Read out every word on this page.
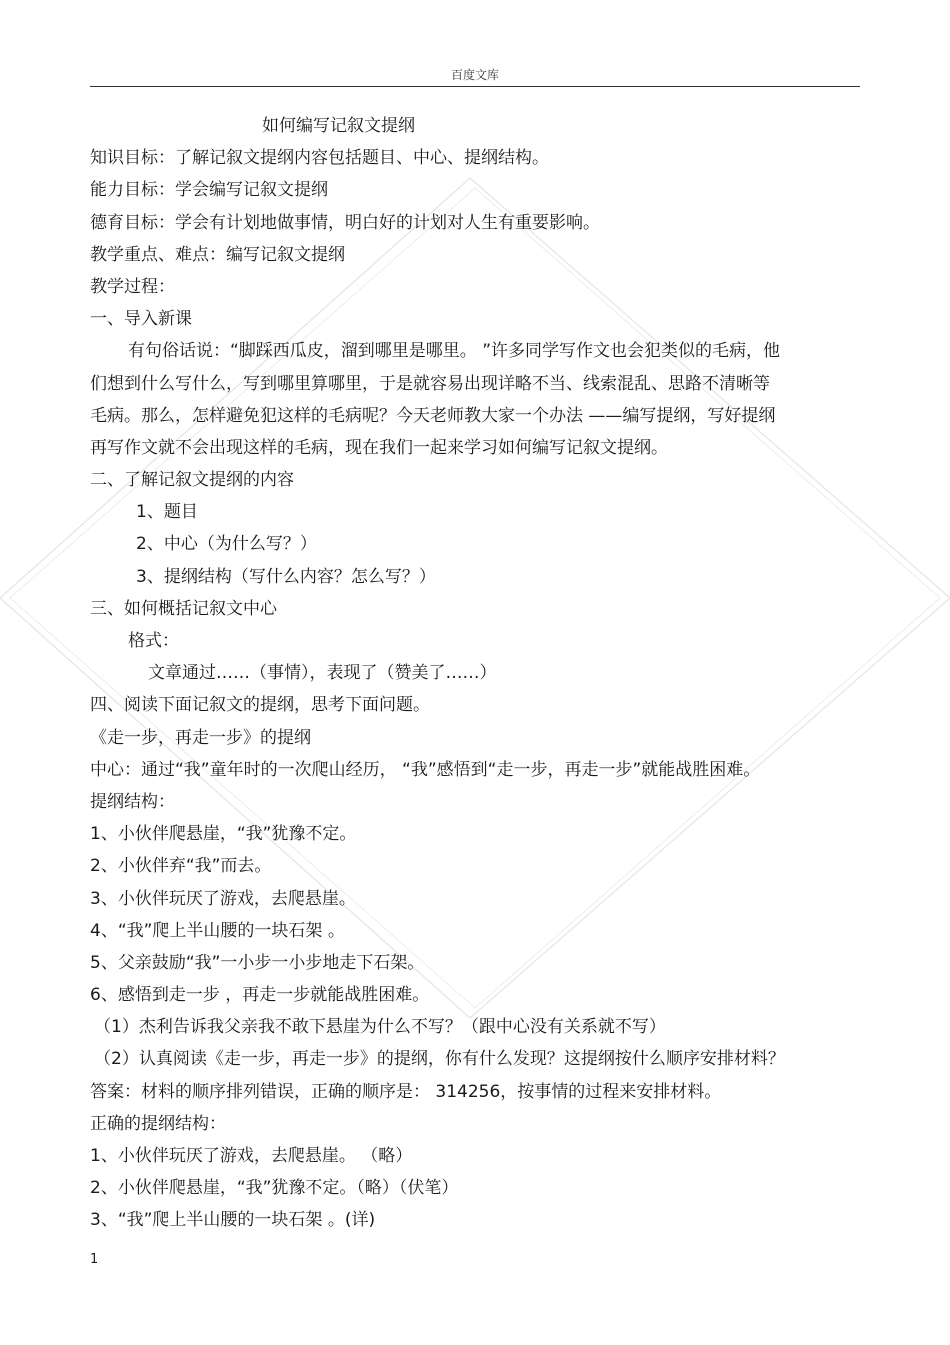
百度文库
如何编写记叙文提纲
知识目标：了解记叙文提纲内容包括题目、中心、提纲结构。
能力目标：学会编写记叙文提纲
德育目标：学会有计划地做事情，明白好的计划对人生有重要影响。
教学重点、难点：编写记叙文提纲
教学过程：
一、导入新课
有句俗话说：“脚踩西瓜皮，溜到哪里是哪里。 ”许多同学写作文也会犯类似的毛病，他
们想到什么写什么，写到哪里算哪里，于是就容易出现详略不当、线索混乱、思路不清晰等
毛病。那么，怎样避免犯这样的毛病呢？今天老师教大家一个办法 ——编写提纲，写好提纲
再写作文就不会出现这样的毛病，现在我们一起来学习如何编写记叙文提纲。
二、了解记叙文提纲的内容
1、题目
2、中心（为什么写？）
3、提纲结构（写什么内容？怎么写？）
三、如何概括记叙文中心
格式：
文章通过……（事情），表现了（赞美了……）
四、阅读下面记叙文的提纲，思考下面问题。
《走一步，再走一步》的提纲
中心：通过“我”童年时的一次爬山经历， “我”感悟到“走一步，再走一步”就能战胜困难。
提纲结构：
1、小伙伴爬悬崖，“我”犹豫不定。
2、小伙伴弃“我”而去。
3、小伙伴玩厌了游戏，去爬悬崖。
4、“我”爬上半山腰的一块石架 。
5、父亲鼓励“我”一小步一小步地走下石架。
6、感悟到走一步 ，再走一步就能战胜困难。
（1）杰利告诉我父亲我不敢下悬崖为什么不写？（跟中心没有关系就不写）
（2）认真阅读《走一步，再走一步》的提纲，你有什么发现？这提纲按什么顺序安排材料？
答案：材料的顺序排列错误，正确的顺序是： 314256，按事情的过程来安排材料。
正确的提纲结构：
1、小伙伴玩厌了游戏，去爬悬崖。 （略）
2、小伙伴爬悬崖，“我”犹豫不定。（略）（伏笔）
3、“我”爬上半山腰的一块石架 。(详)
1
